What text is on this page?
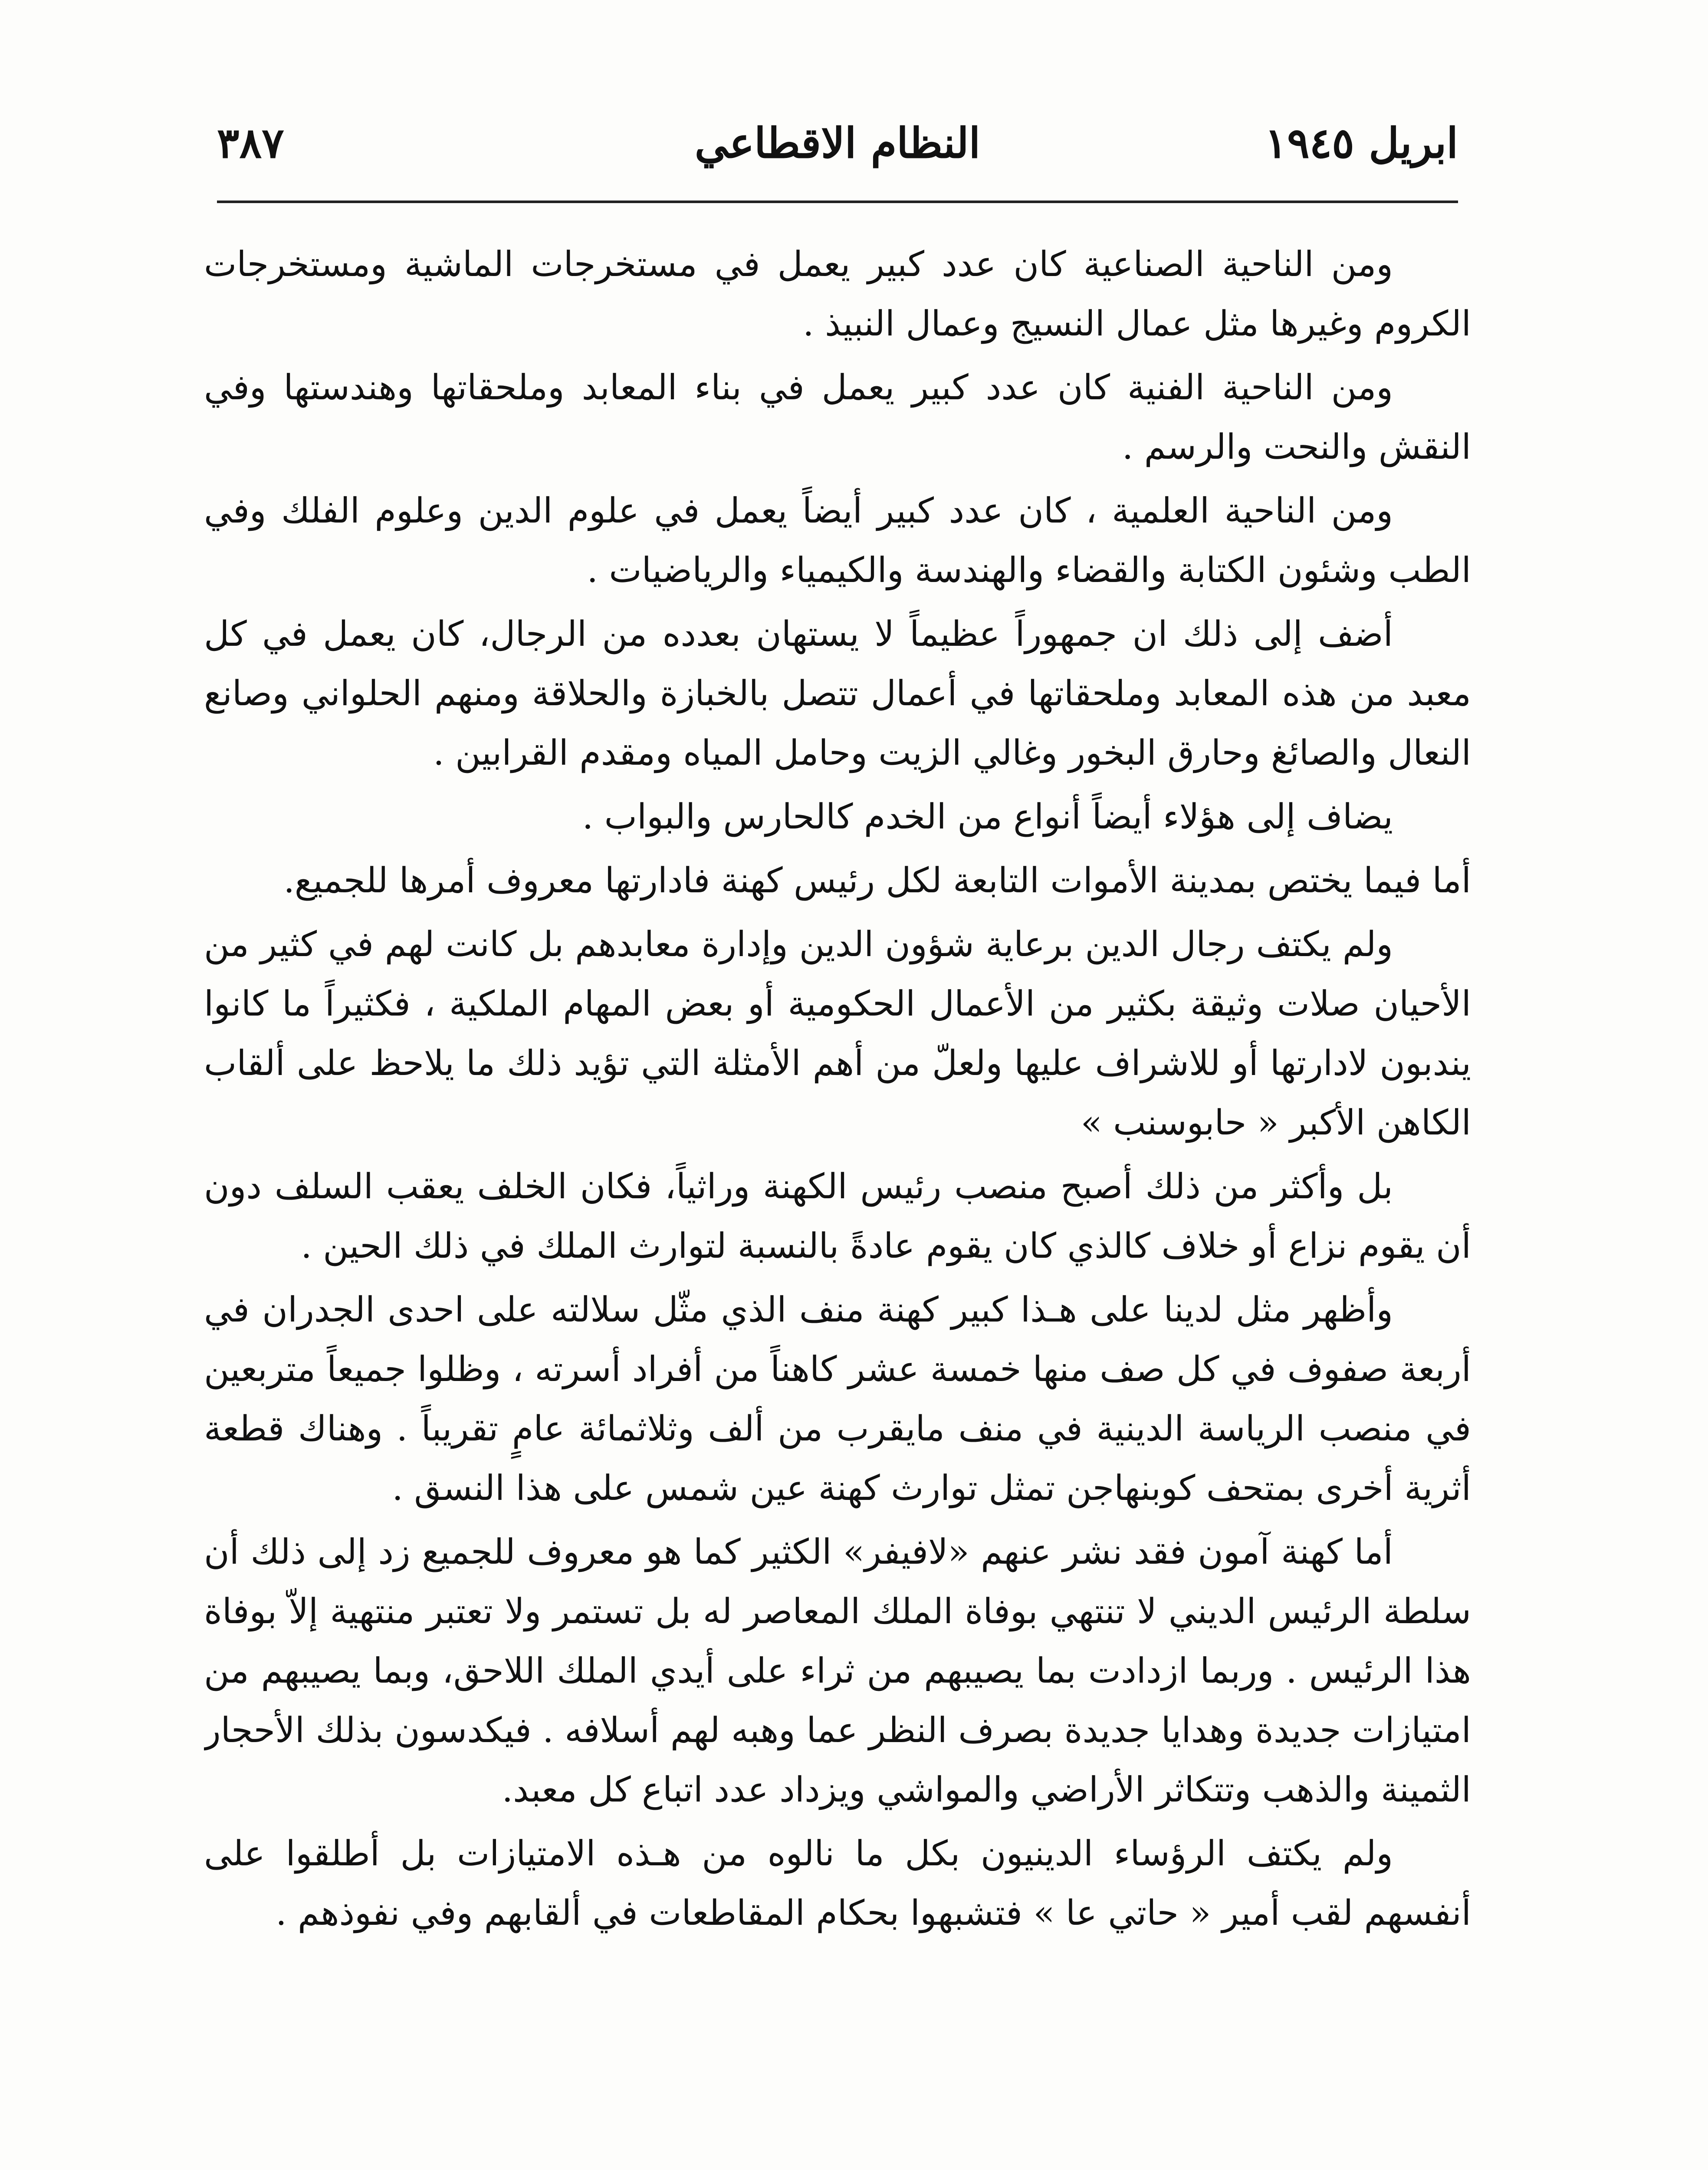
ابريل ١٩٤٥
النظام الاقطاعي
٣٨٧

ومن الناحية الصناعية كان عدد كبير يعمل في مستخرجات الماشية ومستخرجات الكروم وغيرها مثل عمال النسيج وعمال النبيذ .

ومن الناحية الفنية كان عدد كبير يعمل في بناء المعابد وملحقاتها وهندستها وفي النقش والنحت والرسم .

ومن الناحية العلمية ، كان عدد كبير أيضاً يعمل في علوم الدين وعلوم الفلك وفي الطب وشئون الكتابة والقضاء والهندسة والكيمياء والرياضيات .

أضف إلى ذلك ان جمهوراً عظيماً لا يستهان بعدده من الرجال، كان يعمل في كل معبد من هذه المعابد وملحقاتها في أعمال تتصل بالخبازة والحلاقة ومنهم الحلواني وصانع النعال والصائغ وحارق البخور وغالي الزيت وحامل المياه ومقدم القرابين .

يضاف إلى هؤلاء أيضاً أنواع من الخدم كالحارس والبواب .

أما فيما يختص بمدينة الأموات التابعة لكل رئيس كهنة فادارتها معروف أمرها للجميع.

ولم يكتف رجال الدين برعاية شؤون الدين وإدارة معابدهم بل كانت لهم في كثير من الأحيان صلات وثيقة بكثير من الأعمال الحكومية أو بعض المهام الملكية ، فكثيراً ما كانوا يندبون لادارتها أو للاشراف عليها ولعلّ من أهم الأمثلة التي تؤيد ذلك ما يلاحظ على ألقاب الكاهن الأكبر « حابوسنب »

بل وأكثر من ذلك أصبح منصب رئيس الكهنة وراثياً، فكان الخلف يعقب السلف دون أن يقوم نزاع أو خلاف كالذي كان يقوم عادةً بالنسبة لتوارث الملك في ذلك الحين .

وأظهر مثل لدينا على هـذا كبير كهنة منف الذي مثّل سلالته على احدى الجدران في أربعة صفوف في كل صف منها خمسة عشر كاهناً من أفراد أسرته ، وظلوا جميعاً متربعين في منصب الرياسة الدينية في منف مايقرب من ألف وثلاثمائة عامٍ تقريباً . وهناك قطعة أثرية أخرى بمتحف كوبنهاجن تمثل توارث كهنة عين شمس على هذا النسق .

أما كهنة آمون فقد نشر عنهم «لافيفر» الكثير كما هو معروف للجميع زد إلى ذلك أن سلطة الرئيس الديني لا تنتهي بوفاة الملك المعاصر له بل تستمر ولا تعتبر منتهية إلاّ بوفاة هذا الرئيس . وربما ازدادت بما يصيبهم من ثراء على أيدي الملك اللاحق، وبما يصيبهم من امتيازات جديدة وهدايا جديدة بصرف النظر عما وهبه لهم أسلافه . فيكدسون بذلك الأحجار الثمينة والذهب وتتكاثر الأراضي والمواشي ويزداد عدد اتباع كل معبد.

ولم يكتف الرؤساء الدينيون بكل ما نالوه من هـذه الامتيازات بل أطلقوا على أنفسهم لقب أمير « حاتي عا » فتشبهوا بحكام المقاطعات في ألقابهم وفي نفوذهم .
